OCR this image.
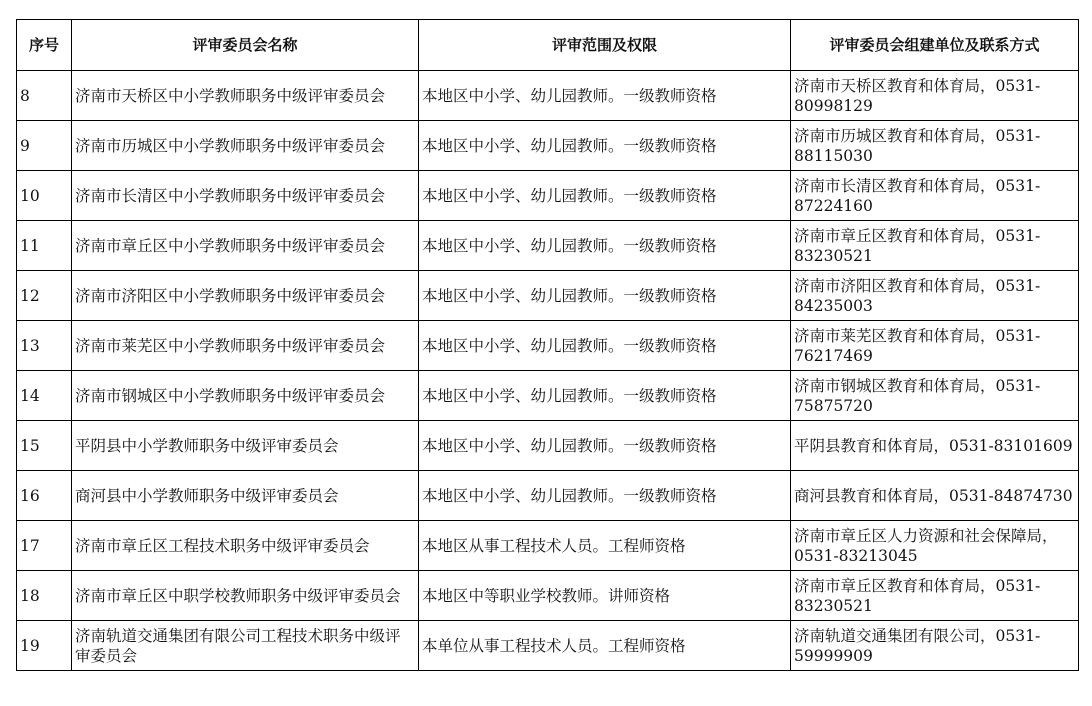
序号	评审委员会名称	评审范围及权限	评审委员会组建单位及联系方式
8	济南市天桥区中小学教师职务中级评审委员会	本地区中小学、幼儿园教师。一级教师资格	济南市天桥区教育和体育局，0531-80998129
9	济南市历城区中小学教师职务中级评审委员会	本地区中小学、幼儿园教师。一级教师资格	济南市历城区教育和体育局，0531-88115030
10	济南市长清区中小学教师职务中级评审委员会	本地区中小学、幼儿园教师。一级教师资格	济南市长清区教育和体育局，0531-87224160
11	济南市章丘区中小学教师职务中级评审委员会	本地区中小学、幼儿园教师。一级教师资格	济南市章丘区教育和体育局，0531-83230521
12	济南市济阳区中小学教师职务中级评审委员会	本地区中小学、幼儿园教师。一级教师资格	济南市济阳区教育和体育局，0531-84235003
13	济南市莱芜区中小学教师职务中级评审委员会	本地区中小学、幼儿园教师。一级教师资格	济南市莱芜区教育和体育局，0531-76217469
14	济南市钢城区中小学教师职务中级评审委员会	本地区中小学、幼儿园教师。一级教师资格	济南市钢城区教育和体育局，0531-75875720
15	平阴县中小学教师职务中级评审委员会	本地区中小学、幼儿园教师。一级教师资格	平阴县教育和体育局，0531-83101609
16	商河县中小学教师职务中级评审委员会	本地区中小学、幼儿园教师。一级教师资格	商河县教育和体育局，0531-84874730
17	济南市章丘区工程技术职务中级评审委员会	本地区从事工程技术人员。工程师资格	济南市章丘区人力资源和社会保障局，0531-83213045
18	济南市章丘区中职学校教师职务中级评审委员会	本地区中等职业学校教师。讲师资格	济南市章丘区教育和体育局，0531-83230521
19	济南轨道交通集团有限公司工程技术职务中级评审委员会	本单位从事工程技术人员。工程师资格	济南轨道交通集团有限公司，0531-59999909
